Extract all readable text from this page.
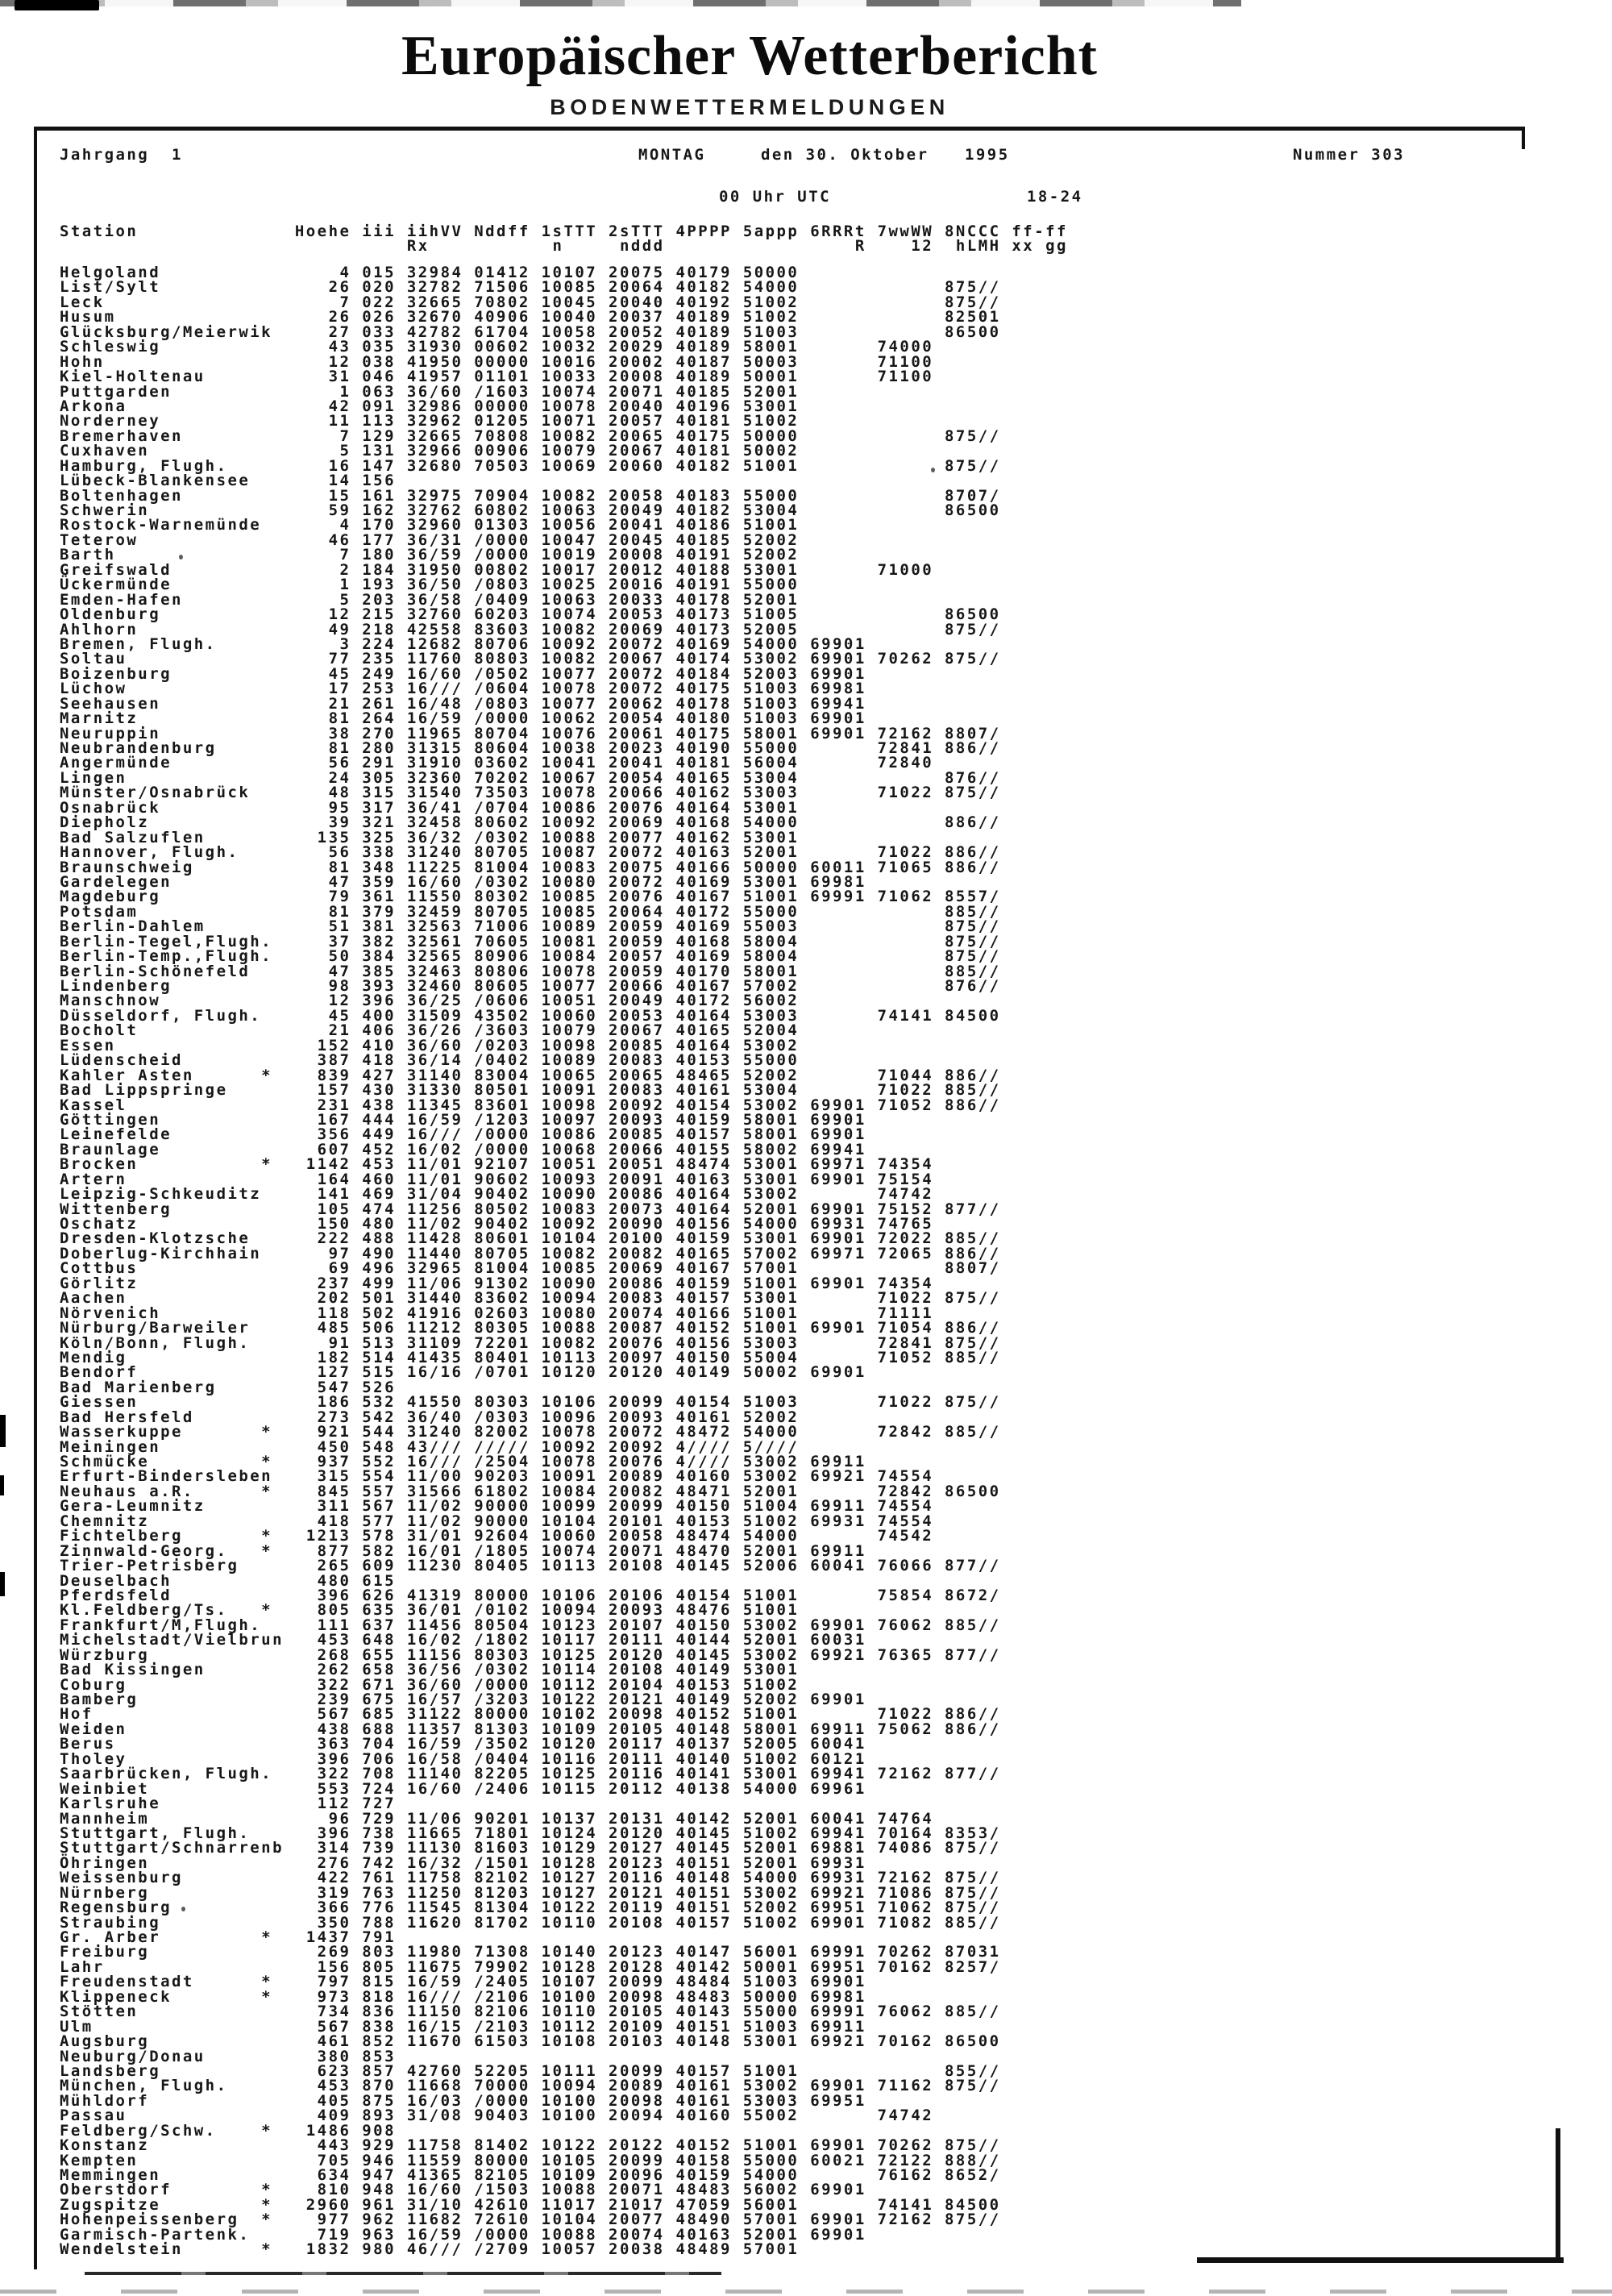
Europäischer Wetterbericht
BODENWETTERMELDUNGEN
Jahrgang  1	MONTAG	den 30. Oktober 1995	Nummer 303
00 Uhr UTC	18-24
Station              Hoehe iii iihVV Nddff 1sTTT 2sTTT 4PPPP 5appp 6RRRt 7wwWW 8NCCC ff-ff
Rx           n     nddd                 R    12  hLMH xx gg
Helgoland                4 015 32984 01412 10107 20075 40179 50000
List/Sylt               26 020 32782 71506 10085 20064 40182 54000             875//
Leck                     7 022 32665 70802 10045 20040 40192 51002             875//
Husum                   26 026 32670 40906 10040 20037 40189 51002             82501
Glücksburg/Meierwik     27 033 42782 61704 10058 20052 40189 51003             86500
Schleswig               43 035 31930 00602 10032 20029 40189 58001       74000
Hohn                    12 038 41950 00000 10016 20002 40187 50003       71100
Kiel-Holtenau           31 046 41957 01101 10033 20008 40189 50001       71100
Puttgarden               1 063 36/60 /1603 10074 20071 40185 52001
Arkona                  42 091 32986 00000 10078 20040 40196 53001
Norderney               11 113 32962 01205 10071 20057 40181 51002
Bremerhaven              7 129 32665 70808 10082 20065 40175 50000             875//
Cuxhaven                 5 131 32966 00906 10079 20067 40181 50002
Hamburg, Flugh.         16 147 32680 70503 10069 20060 40182 51001             875//
Lübeck-Blankensee       14 156
Boltenhagen             15 161 32975 70904 10082 20058 40183 55000             8707/
Schwerin                59 162 32762 60802 10063 20049 40182 53004             86500
Rostock-Warnemünde       4 170 32960 01303 10056 20041 40186 51001
Teterow                 46 177 36/31 /0000 10047 20045 40185 52002
Barth                    7 180 36/59 /0000 10019 20008 40191 52002
Greifswald               2 184 31950 00802 10017 20012 40188 53001       71000
Ückermünde               1 193 36/50 /0803 10025 20016 40191 55000
Emden-Hafen              5 203 36/58 /0409 10063 20033 40178 52001
Oldenburg               12 215 32760 60203 10074 20053 40173 51005             86500
Ahlhorn                 49 218 42558 83603 10082 20069 40173 52005             875//
Bremen, Flugh.           3 224 12682 80706 10092 20072 40169 54000 69901
Soltau                  77 235 11760 80803 10082 20067 40174 53002 69901 70262 875//
Boizenburg              45 249 16/60 /0502 10077 20072 40184 52003 69901
Lüchow                  17 253 16/// /0604 10078 20072 40175 51003 69981
Seehausen               21 261 16/48 /0803 10077 20062 40178 51003 69941
Marnitz                 81 264 16/59 /0000 10062 20054 40180 51003 69901
Neuruppin               38 270 11965 80704 10076 20061 40175 58001 69901 72162 8807/
Neubrandenburg          81 280 31315 80604 10038 20023 40190 55000       72841 886//
Angermünde              56 291 31910 03602 10041 20041 40181 56004       72840
Lingen                  24 305 32360 70202 10067 20054 40165 53004             876//
Münster/Osnabrück       48 315 31540 73503 10078 20066 40162 53003       71022 875//
Osnabrück               95 317 36/41 /0704 10086 20076 40164 53001
Diepholz                39 321 32458 80602 10092 20069 40168 54000             886//
Bad Salzuflen          135 325 36/32 /0302 10088 20077 40162 53001
Hannover, Flugh.        56 338 31240 80705 10087 20072 40163 52001       71022 886//
Braunschweig            81 348 11225 81004 10083 20075 40166 50000 60011 71065 886//
Gardelegen              47 359 16/60 /0302 10080 20072 40169 53001 69981
Magdeburg               79 361 11550 80302 10085 20076 40167 51001 69991 71062 8557/
Potsdam                 81 379 32459 80705 10085 20064 40172 55000             885//
Berlin-Dahlem           51 381 32563 71006 10089 20059 40169 55003             875//
Berlin-Tegel,Flugh.     37 382 32561 70605 10081 20059 40168 58004             875//
Berlin-Temp.,Flugh.     50 384 32565 80906 10084 20057 40169 58004             875//
Berlin-Schönefeld       47 385 32463 80806 10078 20059 40170 58001             885//
Lindenberg              98 393 32460 80605 10077 20066 40167 57002             876//
Manschnow               12 396 36/25 /0606 10051 20049 40172 56002
Düsseldorf, Flugh.      45 400 31509 43502 10060 20053 40164 53003       74141 84500
Bocholt                 21 406 36/26 /3603 10079 20067 40165 52004
Essen                  152 410 36/60 /0203 10098 20085 40164 53002
Lüdenscheid            387 418 36/14 /0402 10089 20083 40153 55000
Kahler Asten      *    839 427 31140 83004 10065 20065 48465 52002       71044 886//
Bad Lippspringe        157 430 31330 80501 10091 20083 40161 53004       71022 885//
Kassel                 231 438 11345 83601 10098 20092 40154 53002 69901 71052 886//
Göttingen              167 444 16/59 /1203 10097 20093 40159 58001 69901
Leinefelde             356 449 16/// /0000 10086 20085 40157 58001 69901
Braunlage              607 452 16/02 /0000 10068 20066 40155 58002 69941
Brocken           *   1142 453 11/01 92107 10051 20051 48474 53001 69971 74354
Artern                 164 460 11/01 90602 10093 20091 40163 53001 69901 75154
Leipzig-Schkeuditz     141 469 31/04 90402 10090 20086 40164 53002       74742
Wittenberg             105 474 11256 80502 10083 20073 40164 52001 69901 75152 877//
Oschatz                150 480 11/02 90402 10092 20090 40156 54000 69931 74765
Dresden-Klotzsche      222 488 11428 80601 10104 20100 40159 53001 69901 72022 885//
Doberlug-Kirchhain      97 490 11440 80705 10082 20082 40165 57002 69971 72065 886//
Cottbus                 69 496 32965 81004 10085 20069 40167 57001             8807/
Görlitz                237 499 11/06 91302 10090 20086 40159 51001 69901 74354
Aachen                 202 501 31440 83602 10094 20083 40157 53001       71022 875//
Nörvenich              118 502 41916 02603 10080 20074 40166 51001       71111
Nürburg/Barweiler      485 506 11212 80305 10088 20087 40152 51001 69901 71054 886//
Köln/Bonn, Flugh.       91 513 31109 72201 10082 20076 40156 53003       72841 875//
Mendig                 182 514 41435 80401 10113 20097 40150 55004       71052 885//
Bendorf                127 515 16/16 /0701 10120 20120 40149 50002 69901
Bad Marienberg         547 526
Giessen                186 532 41550 80303 10106 20099 40154 51003       71022 875//
Bad Hersfeld           273 542 36/40 /0303 10096 20093 40161 52002
Wasserkuppe       *    921 544 31240 82002 10078 20072 48472 54000       72842 885//
Meiningen              450 548 43/// ///// 10092 20092 4//// 5////
Schmücke          *    937 552 16/// /2504 10078 20076 4//// 53002 69911
Erfurt-Bindersleben    315 554 11/00 90203 10091 20089 40160 53002 69921 74554
Neuhaus a.R.      *    845 557 31566 61802 10084 20082 48471 52001       72842 86500
Gera-Leumnitz          311 567 11/02 90000 10099 20099 40150 51004 69911 74554
Chemnitz               418 577 11/02 90000 10104 20101 40153 51002 69931 74554
Fichtelberg       *   1213 578 31/01 92604 10060 20058 48474 54000       74542
Zinnwald-Georg.   *    877 582 16/01 /1805 10074 20071 48470 52001 69911
Trier-Petrisberg       265 609 11230 80405 10113 20108 40145 52006 60041 76066 877//
Deuselbach             480 615
Pferdsfeld             396 626 41319 80000 10106 20106 40154 51001       75854 8672/
Kl.Feldberg/Ts.   *    805 635 36/01 /0102 10094 20093 48476 51001
Frankfurt/M,Flugh.     111 637 11456 80504 10123 20107 40150 53002 69901 76062 885//
Michelstadt/Vielbrun   453 648 16/02 /1802 10117 20111 40144 52001 60031
Würzburg               268 655 11156 80303 10125 20120 40145 53002 69921 76365 877//
Bad Kissingen          262 658 36/56 /0302 10114 20108 40149 53001
Coburg                 322 671 36/60 /0000 10112 20104 40153 51002
Bamberg                239 675 16/57 /3203 10122 20121 40149 52002 69901
Hof                    567 685 31122 80000 10102 20098 40152 51001       71022 886//
Weiden                 438 688 11357 81303 10109 20105 40148 58001 69911 75062 886//
Berus                  363 704 16/59 /3502 10120 20117 40137 52005 60041
Tholey                 396 706 16/58 /0404 10116 20111 40140 51002 60121
Saarbrücken, Flugh.    322 708 11140 82205 10125 20116 40141 53001 69941 72162 877//
Weinbiet               553 724 16/60 /2406 10115 20112 40138 54000 69961
Karlsruhe              112 727
Mannheim                96 729 11/06 90201 10137 20131 40142 52001 60041 74764
Stuttgart, Flugh.      396 738 11665 71801 10124 20120 40145 51002 69941 70164 8353/
Stuttgart/Schnarrenb   314 739 11130 81603 10129 20127 40145 52001 69881 74086 875//
Öhringen               276 742 16/32 /1501 10128 20123 40151 52001 69931
Weissenburg            422 761 11758 82102 10127 20116 40148 54000 69931 72162 875//
Nürnberg               319 763 11250 81203 10127 20121 40151 53002 69921 71086 875//
Regensburg             366 776 11545 81304 10122 20119 40151 52002 69951 71062 875//
Straubing              350 788 11620 81702 10110 20108 40157 51002 69901 71082 885//
Gr. Arber         *   1437 791
Freiburg               269 803 11980 71308 10140 20123 40147 56001 69991 70262 87031
Lahr                   156 805 11675 79902 10128 20128 40142 50001 69951 70162 8257/
Freudenstadt      *    797 815 16/59 /2405 10107 20099 48484 51003 69901
Klippeneck        *    973 818 16/// /2106 10100 20098 48483 50000 69981
Stötten                734 836 11150 82106 10110 20105 40143 55000 69991 76062 885//
Ulm                    567 838 16/15 /2103 10112 20109 40151 51003 69911
Augsburg               461 852 11670 61503 10108 20103 40148 53001 69921 70162 86500
Neuburg/Donau          380 853
Landsberg              623 857 42760 52205 10111 20099 40157 51001             855//
München, Flugh.        453 870 11668 70000 10094 20089 40161 53002 69901 71162 875//
Mühldorf               405 875 16/03 /0000 10100 20098 40161 53003 69951
Passau                 409 893 31/08 90403 10100 20094 40160 55002       74742
Feldberg/Schw.    *   1486 908
Konstanz               443 929 11758 81402 10122 20122 40152 51001 69901 70262 875//
Kempten                705 946 11559 80000 10105 20099 40158 55000 60021 72122 888//
Memmingen              634 947 41365 82105 10109 20096 40159 54000       76162 8652/
Oberstdorf        *    810 948 16/60 /1503 10088 20071 48483 56002 69901
Zugspitze         *   2960 961 31/10 42610 11017 21017 47059 56001       74141 84500
Hohenpeissenberg  *    977 962 11682 72610 10104 20077 48490 57001 69901 72162 875//
Garmisch-Partenk.      719 963 16/59 /0000 10088 20074 40163 52001 69901
Wendelstein       *   1832 980 46/// /2709 10057 20038 48489 57001
